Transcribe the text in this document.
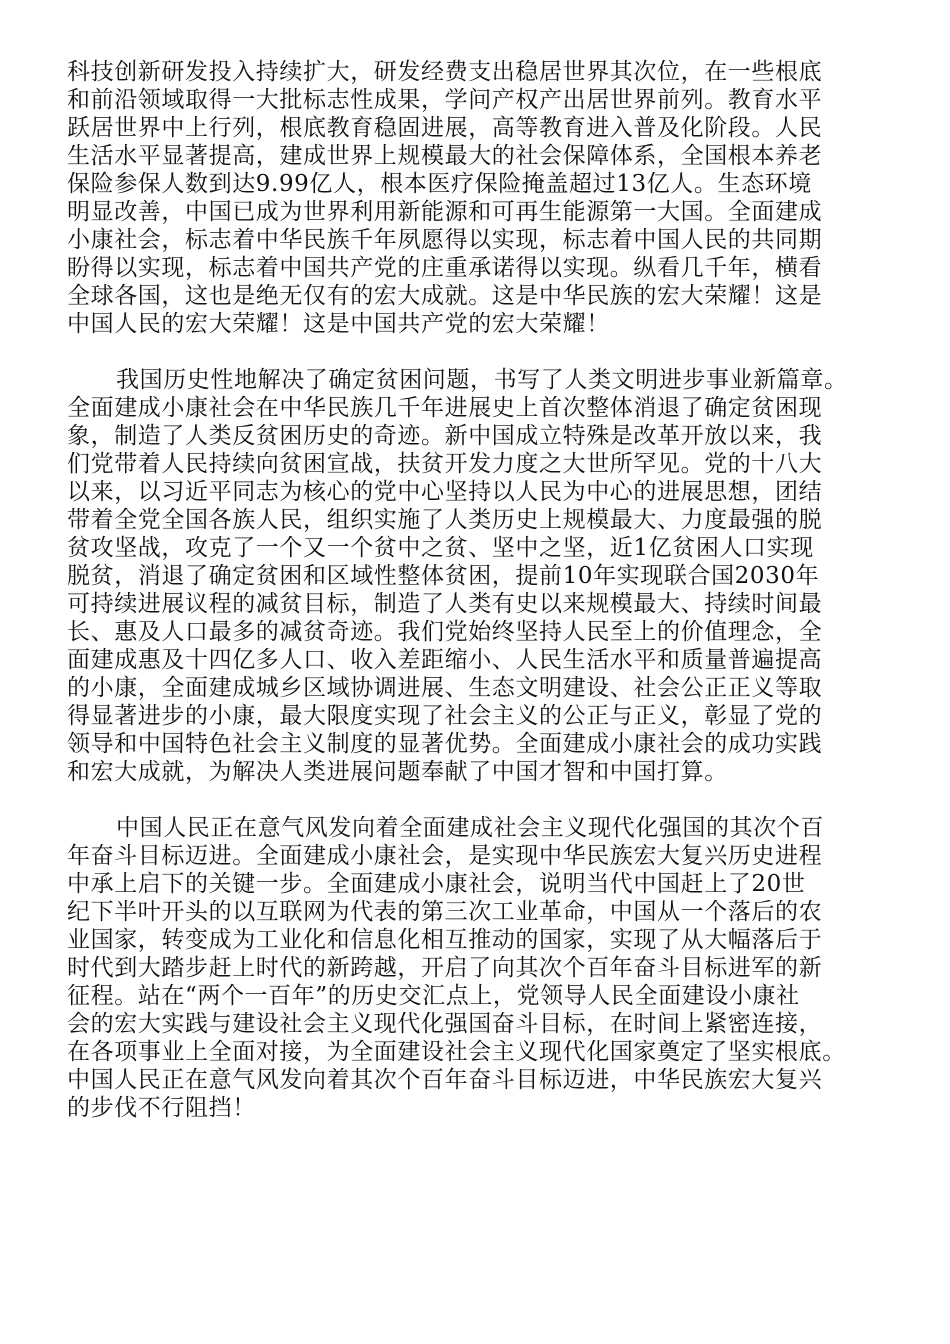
科技创新研发投入持续扩大，研发经费支出稳居世界其次位，在一些根底
和前沿领域取得一大批标志性成果，学问产权产出居世界前列。教育水平
跃居世界中上行列，根底教育稳固进展，高等教育进入普及化阶段。人民
生活水平显著提高，建成世界上规模最大的社会保障体系，全国根本养老
保险参保人数到达9.99亿人，根本医疗保险掩盖超过13亿人。生态环境
明显改善，中国已成为世界利用新能源和可再生能源第一大国。全面建成
小康社会，标志着中华民族千年夙愿得以实现，标志着中国人民的共同期
盼得以实现，标志着中国共产党的庄重承诺得以实现。纵看几千年，横看
全球各国，这也是绝无仅有的宏大成就。这是中华民族的宏大荣耀！这是
中国人民的宏大荣耀！这是中国共产党的宏大荣耀！

我国历史性地解决了确定贫困问题，书写了人类文明进步事业新篇章。
全面建成小康社会在中华民族几千年进展史上首次整体消退了确定贫困现
象，制造了人类反贫困历史的奇迹。新中国成立特殊是改革开放以来，我
们党带着人民持续向贫困宣战，扶贫开发力度之大世所罕见。党的十八大
以来，以习近平同志为核心的党中心坚持以人民为中心的进展思想，团结
带着全党全国各族人民，组织实施了人类历史上规模最大、力度最强的脱
贫攻坚战，攻克了一个又一个贫中之贫、坚中之坚，近1亿贫困人口实现
脱贫，消退了确定贫困和区域性整体贫困，提前10年实现联合国2030年
可持续进展议程的减贫目标，制造了人类有史以来规模最大、持续时间最
长、惠及人口最多的减贫奇迹。我们党始终坚持人民至上的价值理念，全
面建成惠及十四亿多人口、收入差距缩小、人民生活水平和质量普遍提高
的小康，全面建成城乡区域协调进展、生态文明建设、社会公正正义等取
得显著进步的小康，最大限度实现了社会主义的公正与正义，彰显了党的
领导和中国特色社会主义制度的显著优势。全面建成小康社会的成功实践
和宏大成就，为解决人类进展问题奉献了中国才智和中国打算。

中国人民正在意气风发向着全面建成社会主义现代化强国的其次个百
年奋斗目标迈进。全面建成小康社会，是实现中华民族宏大复兴历史进程
中承上启下的关键一步。全面建成小康社会，说明当代中国赶上了20世
纪下半叶开头的以互联网为代表的第三次工业革命，中国从一个落后的农
业国家，转变成为工业化和信息化相互推动的国家，实现了从大幅落后于
时代到大踏步赶上时代的新跨越，开启了向其次个百年奋斗目标进军的新
征程。站在“两个一百年”的历史交汇点上，党领导人民全面建设小康社
会的宏大实践与建设社会主义现代化强国奋斗目标，在时间上紧密连接，
在各项事业上全面对接，为全面建设社会主义现代化国家奠定了坚实根底。
中国人民正在意气风发向着其次个百年奋斗目标迈进，中华民族宏大复兴
的步伐不行阻挡！
